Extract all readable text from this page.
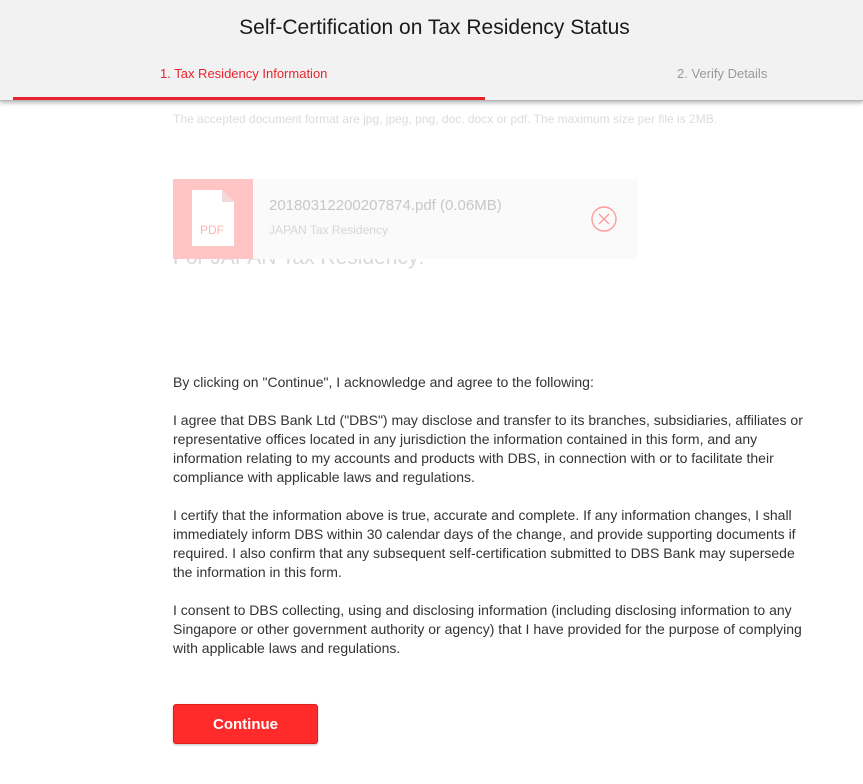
Self-Certification on Tax Residency Status
1. Tax Residency Information	2. Verify Details
The accepted document format are jpg, jpeg, png, doc, docx or pdf. The maximum size per file is 2MB.
PDF
20180312200207874.pdf (0.06MB)
JAPAN Tax Residency

By clicking on "Continue", I acknowledge and agree to the following:

I agree that DBS Bank Ltd ("DBS") may disclose and transfer to its branches, subsidiaries, affiliates or representative offices located in any jurisdiction the information contained in this form, and any information relating to my accounts and products with DBS, in connection with or to facilitate their compliance with applicable laws and regulations.

I certify that the information above is true, accurate and complete. If any information changes, I shall immediately inform DBS within 30 calendar days of the change, and provide supporting documents if required. I also confirm that any subsequent self-certification submitted to DBS Bank may supersede the information in this form.

I consent to DBS collecting, using and disclosing information (including disclosing information to any Singapore or other government authority or agency) that I have provided for the purpose of complying with applicable laws and regulations.

Continue
